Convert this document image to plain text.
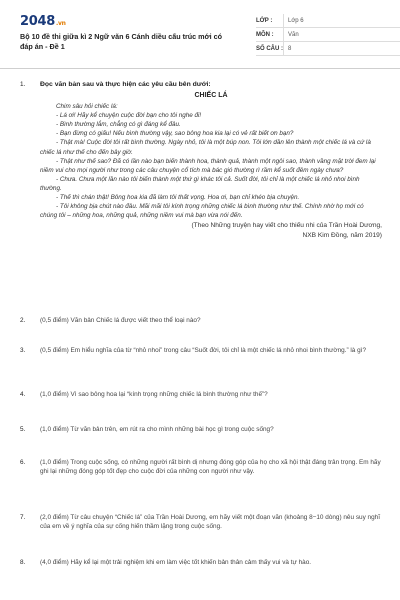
2048.vn
Bộ 10 đề thi giữa kì 2 Ngữ văn 6 Cánh diều cấu trúc mới có đáp án - Đề 1
LỚP :	Lớp 6
MÔN :	Văn
SỐ CÂU : 8
1.	Đọc văn bản sau và thực hiện các yêu cầu bên dưới:
CHIẾC LÁ

Chim sâu hỏi chiếc lá:

- Lá ơi! Hãy kể chuyện cuộc đời bạn cho tôi nghe đi!

- Bình thường lắm, chẳng có gì đáng kể đâu.

- Bạn đừng có giấu! Nếu bình thường vậy, sao bông hoa kia lại có vẻ rất biết ơn bạn?

- Thật mà! Cuộc đời tôi rất bình thường. Ngày nhỏ, tôi là một búp non. Tôi lớn dần lên thành một chiếc lá và cứ là chiếc lá như thế cho đến bây giờ.

- Thật như thế sao? Đã có lần nào bạn biến thành hoa, thành quả, thành một ngôi sao, thành vầng mặt trời đem lại niềm vui cho mọi người như trong các câu chuyện cổ tích mà bác gió thường rì rầm kể suốt đêm ngày chưa?

- Chưa. Chưa một lần nào tôi biến thành một thứ gì khác tôi cả. Suốt đời, tôi chỉ là một chiếc lá nhỏ nhoi bình thường.

- Thế thì chán thật! Bông hoa kia đã làm tôi thất vọng. Hoa ơi, bạn chỉ khéo bịa chuyện.

- Tôi không bịa chút nào đâu. Mãi mãi tôi kính trọng những chiếc lá bình thường như thế. Chính nhờ họ mới có chúng tôi – những hoa, những quả, những niềm vui mà bạn vừa nói đến.

(Theo Những truyện hay viết cho thiếu nhi của Trần Hoài Dương,
NXB Kim Đồng, năm 2019)
2.	(0,5 điểm) Văn bản Chiếc lá được viết theo thể loại nào?
3.	(0,5 điểm) Em hiểu nghĩa của từ “nhỏ nhoi” trong câu “Suốt đời, tôi chỉ là một chiếc lá nhỏ nhoi bình thường.” là gì?
4.	(1,0 điểm) Vì sao bông hoa lại “kính trọng những chiếc lá bình thường như thế”?
5.	(1,0 điểm) Từ văn bản trên, em rút ra cho mình những bài học gì trong cuộc sống?
6.	(1,0 điểm) Trong cuộc sống, có những người rất bình dị nhưng đóng góp của họ cho xã hội thật đáng trân trọng. Em hãy ghi lại những đóng góp tốt đẹp cho cuộc đời của những con người như vậy.
7.	(2,0 điểm) Từ câu chuyện “Chiếc lá” của Trần Hoài Dương, em hãy viết một đoạn văn (khoảng 8−10 dòng) nêu suy nghĩ của em về ý nghĩa của sự cống hiến thầm lặng trong cuộc sống.
8.	(4,0 điểm) Hãy kể lại một trải nghiệm khi em làm việc tốt khiến bản thân cảm thấy vui và tự hào.
